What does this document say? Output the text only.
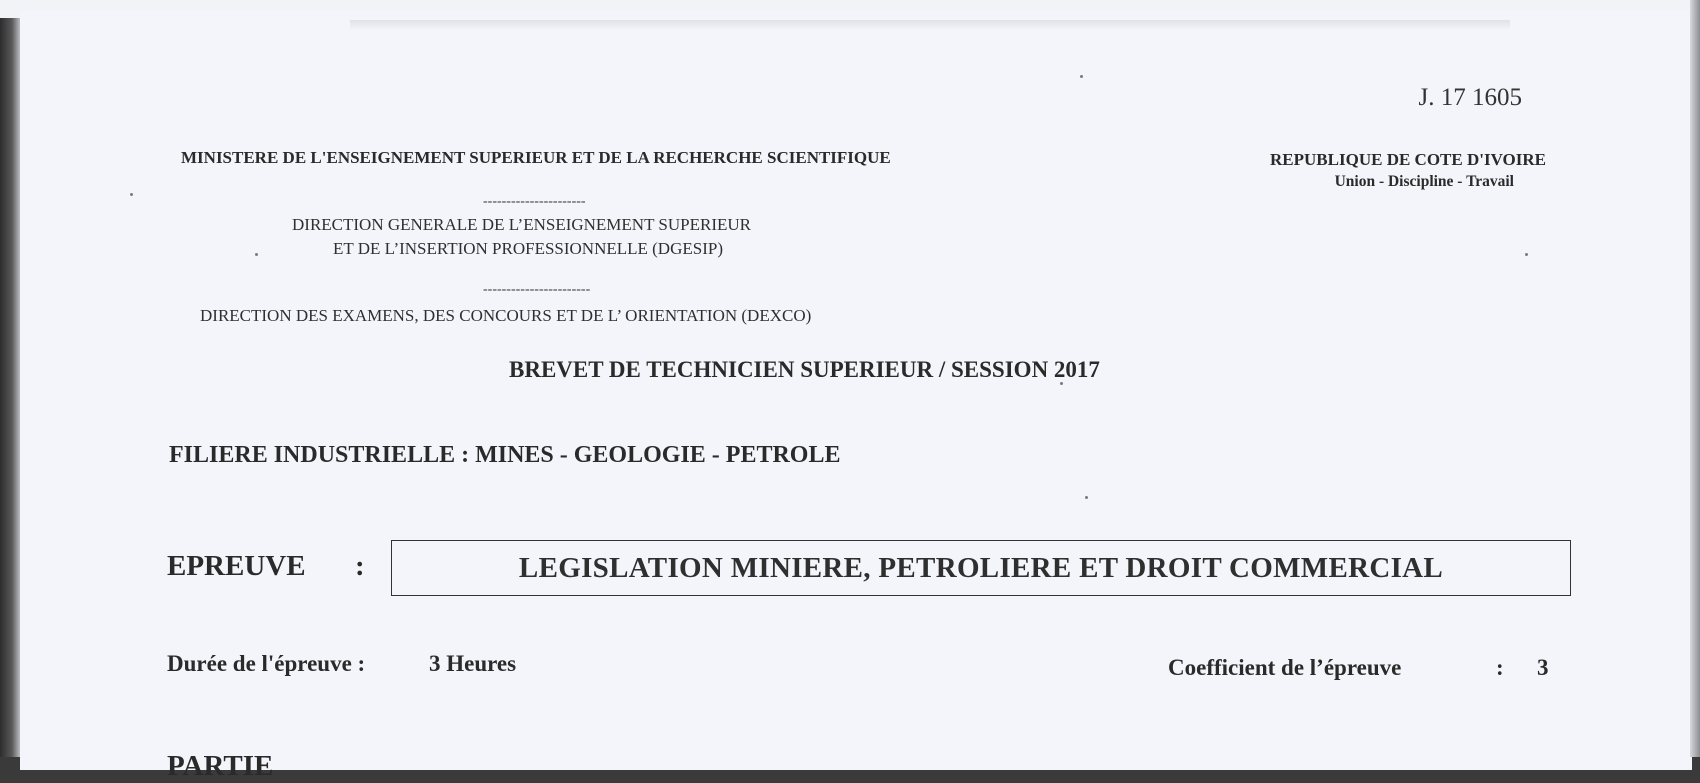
J. 17 1605
MINISTERE DE L'ENSEIGNEMENT SUPERIEUR ET DE LA RECHERCHE SCIENTIFIQUE	REPUBLIQUE DE COTE D'IVOIRE
Union - Discipline - Travail
----------------------
DIRECTION GENERALE DE L’ENSEIGNEMENT SUPERIEUR
ET DE L’INSERTION PROFESSIONNELLE (DGESIP)
-----------------------
DIRECTION DES EXAMENS, DES CONCOURS ET DE L’ ORIENTATION (DEXCO)
BREVET DE TECHNICIEN SUPERIEUR / SESSION 2017
FILIERE INDUSTRIELLE : MINES - GEOLOGIE - PETROLE
EPREUVE :	LEGISLATION MINIERE, PETROLIERE ET DROIT COMMERCIAL
Durée de l'épreuve :	3 Heures	Coefficient de l’épreuve	: 3
PARTIE
